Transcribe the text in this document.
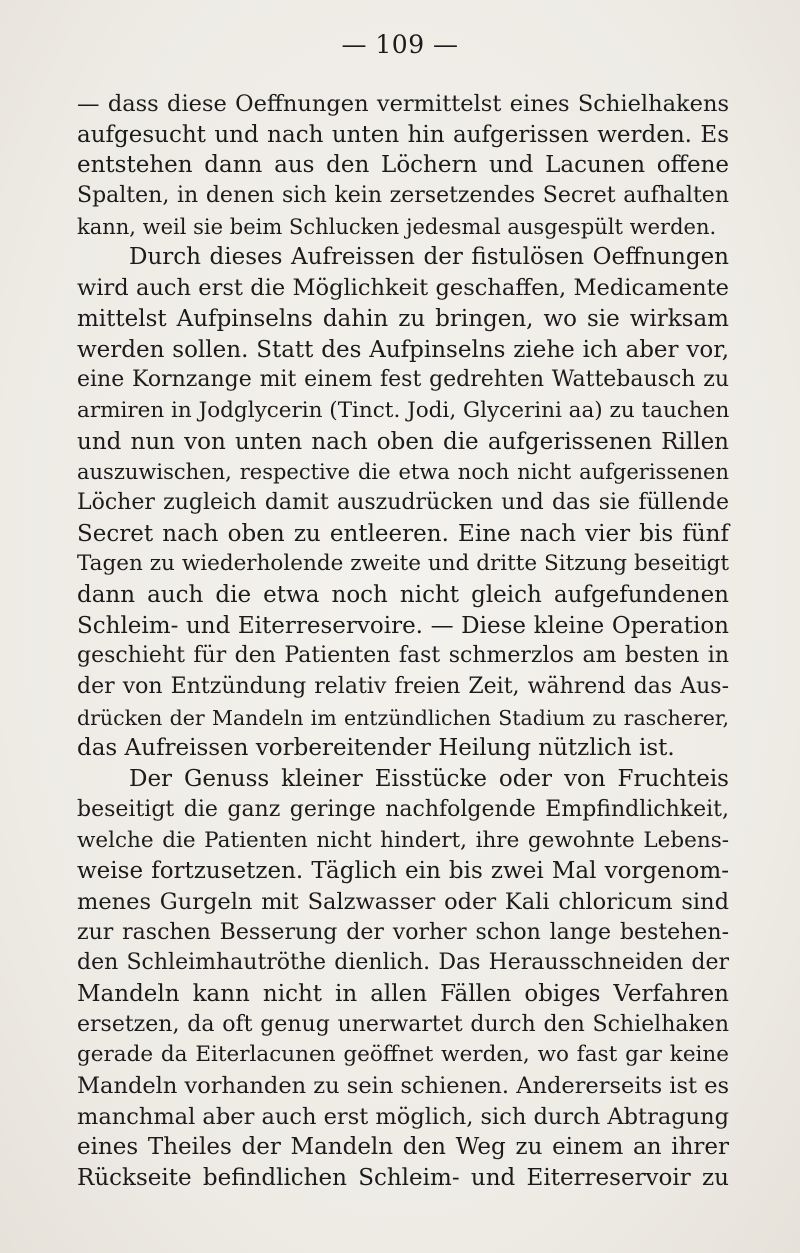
— 109 —
— dass diese Oeffnungen vermittelst eines Schielhakens
aufgesucht und nach unten hin aufgerissen werden. Es
entstehen dann aus den Löchern und Lacunen offene
Spalten, in denen sich kein zersetzendes Secret aufhalten
kann, weil sie beim Schlucken jedesmal ausgespült werden.
Durch dieses Aufreissen der fistulösen Oeffnungen
wird auch erst die Möglichkeit geschaffen, Medicamente
mittelst Aufpinselns dahin zu bringen, wo sie wirksam
werden sollen. Statt des Aufpinselns ziehe ich aber vor,
eine Kornzange mit einem fest gedrehten Wattebausch zu
armiren in Jodglycerin (Tinct. Jodi, Glycerini aa) zu tauchen
und nun von unten nach oben die aufgerissenen Rillen
auszuwischen, respective die etwa noch nicht aufgerissenen
Löcher zugleich damit auszudrücken und das sie füllende
Secret nach oben zu entleeren. Eine nach vier bis fünf
Tagen zu wiederholende zweite und dritte Sitzung beseitigt
dann auch die etwa noch nicht gleich aufgefundenen
Schleim- und Eiterreservoire. — Diese kleine Operation
geschieht für den Patienten fast schmerzlos am besten in
der von Entzündung relativ freien Zeit, während das Aus-
drücken der Mandeln im entzündlichen Stadium zu rascherer,
das Aufreissen vorbereitender Heilung nützlich ist.
Der Genuss kleiner Eisstücke oder von Fruchteis
beseitigt die ganz geringe nachfolgende Empfindlichkeit,
welche die Patienten nicht hindert, ihre gewohnte Lebens-
weise fortzusetzen. Täglich ein bis zwei Mal vorgenom-
menes Gurgeln mit Salzwasser oder Kali chloricum sind
zur raschen Besserung der vorher schon lange bestehen-
den Schleimhautröthe dienlich. Das Herausschneiden der
Mandeln kann nicht in allen Fällen obiges Verfahren
ersetzen, da oft genug unerwartet durch den Schielhaken
gerade da Eiterlacunen geöffnet werden, wo fast gar keine
Mandeln vorhanden zu sein schienen. Andererseits ist es
manchmal aber auch erst möglich, sich durch Abtragung
eines Theiles der Mandeln den Weg zu einem an ihrer
Rückseite befindlichen Schleim- und Eiterreservoir zu
